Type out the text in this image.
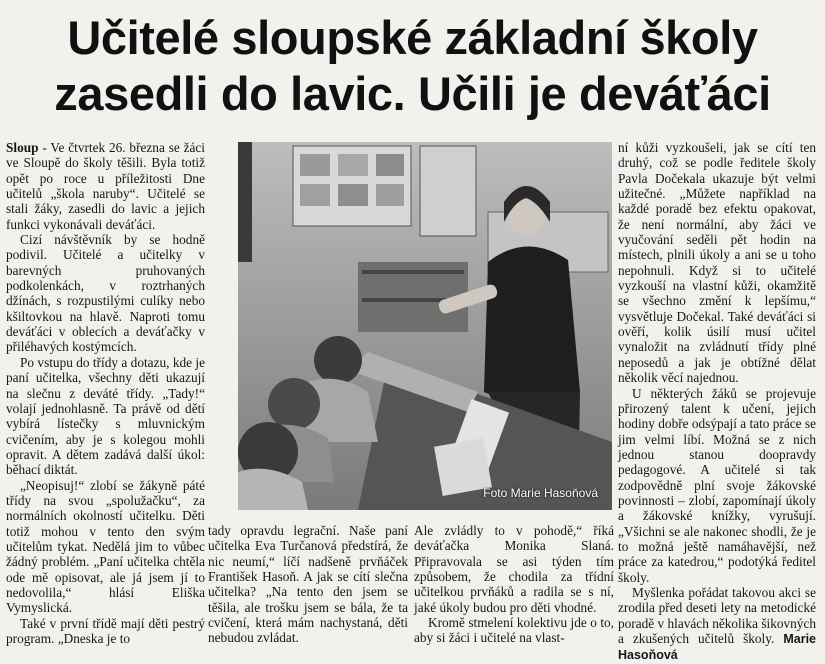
Učitelé sloupské základní školy
zasedli do lavic. Učili je deváťáci

Sloup - Ve čtvrtek 26. března se žáci ve Sloupě do školy těšili. Byla totiž opět po roce u příležitosti Dne učitelů „škola naruby“. Učitelé se stali žáky, zasedli do lavic a jejich funkci vykonávali deváťáci.

Cizí návštěvník by se hodně podivil. Učitelé a učitelky v barevných pruhovaných podkolenkách, v roztrhaných džínách, s rozpustilými culíky nebo kšiltovkou na hlavě. Naproti tomu deváťáci v oblecích a deváťačky v přiléhavých kostýmcích.

Po vstupu do třídy a dotazu, kde je paní učitelka, všechny děti ukazují na slečnu z deváté třídy. „Tady!“ volají jednohlasně. Ta právě od dětí vybírá lístečky s mluvnickým cvičením, aby je s kolegou mohli opravit. A dětem zadává další úkol: běhací diktát.

„Neopisuj!“ zlobí se žákyně páté třídy na svou „spolužačku“, za normálních okolností učitelku. Děti totiž mohou v tento den svým učitelům tykat. Nedělá jim to vůbec žádný problém. „Paní učitelka chtěla ode mě opisovat, ale já jsem jí to nedovolila,“ hlásí Eliška Vymyslická.

Také v první třídě mají děti pestrý program. „Dneska je to

Foto Marie Hasoňová

tady opravdu legrační. Naše paní učitelka Eva Turčanová předstírá, že nic neumí,“ líčí nadšeně prvňáček František Hasoň. A jak se cítí slečna učitelka? „Na tento den jsem se těšila, ale trošku jsem se bála, že ta cvičení, která mám nachystaná, děti nebudou zvládat.

Ale zvládly to v pohodě,“ říká deváťačka Monika Slaná. Připravovala se asi týden tím způsobem, že chodila za třídní učitelkou prvňáků a radila se s ní, jaké úkoly budou pro děti vhodné.

Kromě stmelení kolektivu jde o to, aby si žáci i učitelé na vlast-

ní kůži vyzkoušeli, jak se cítí ten druhý, což se podle ředitele školy Pavla Dočekala ukazuje být velmi užitečné. „Můžete například na každé poradě bez efektu opakovat, že není normální, aby žáci ve vyučování seděli pět hodin na místech, plnili úkoly a ani se u toho nepohnuli. Když si to učitelé vyzkouší na vlastní kůži, okamžitě se všechno změní k lepšímu,“ vysvětluje Dočekal. Také deváťáci si ověří, kolik úsilí musí učitel vynaložit na zvládnutí třídy plné neposedů a jak je obtížné dělat několik věcí najednou.

U některých žáků se projevuje přirozený talent k učení, jejich hodiny dobře odsýpají a tato práce se jim velmi líbí. Možná se z nich jednou stanou doopravdy pedagogové. A učitelé si tak zodpovědně plní svoje žákovské povinnosti – zlobí, zapomínají úkoly a žákovské knížky, vyrušují. „Všichni se ale nakonec shodli, že je to možná ještě namáhavější, než práce za katedrou,“ podotýká ředitel školy.

Myšlenka pořádat takovou akci se zrodila před deseti lety na metodické poradě v hlavách několika šikovných a zkušených učitelů školy. Marie Hasoňová
